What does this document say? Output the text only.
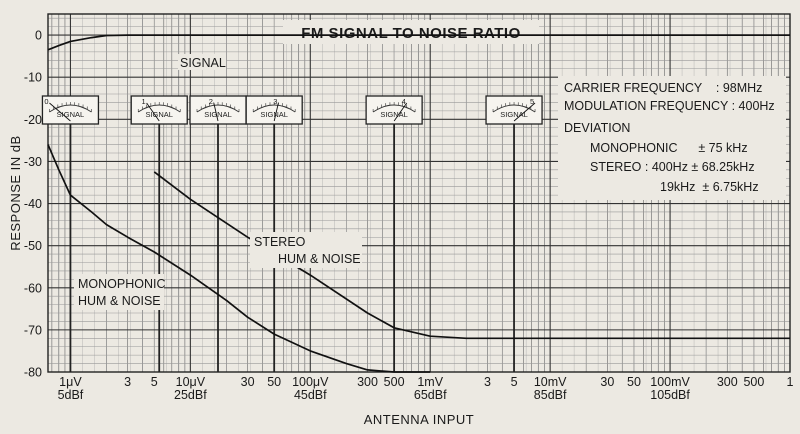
0
SIGNAL
1
SIGNAL
2
SIGNAL
3
SIGNAL
4
SIGNAL
5
SIGNAL
FM SIGNAL TO NOISE RATIO
CARRIER FREQUENCY    : 98MHz
MODULATION FREQUENCY : 400Hz
DEVIATION
MONOPHONIC      ± 75 kHz
STEREO : 400Hz ± 68.25kHz
19kHz  ± 6.75kHz
SIGNAL
STEREO
HUM & NOISE
MONOPHONIC
HUM & NOISE
0
-10
-20
-30
-40
-50
-60
-70
-80
1μV
5dBf
3 5 10μV
25dBf
30 50 100μV
45dBf
300 500 1mV
65dBf
3 5 10mV
85dBf
30 50 100mV
105dBf
300 500 1
RESPONSE IN dB
ANTENNA INPUT
